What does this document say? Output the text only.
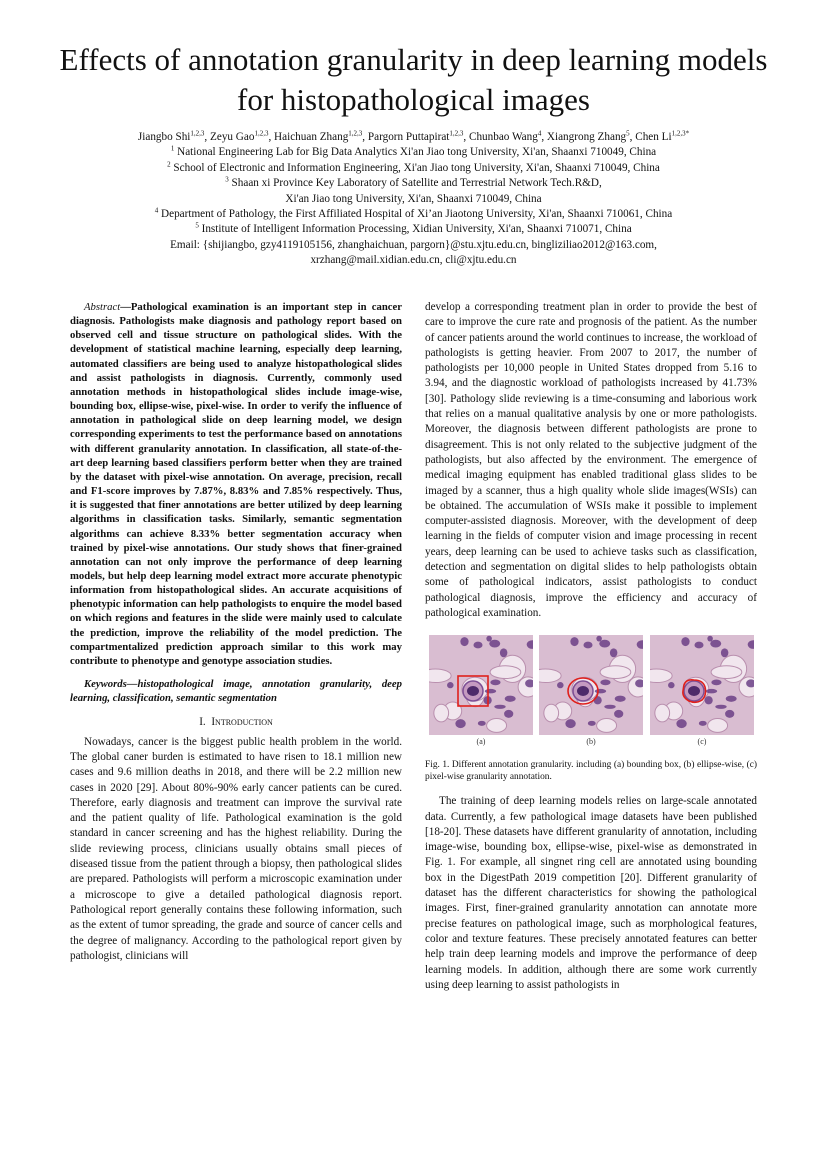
Effects of annotation granularity in deep learning models for histopathological images
Jiangbo Shi$^{1,2,3}$, Zeyu Gao$^{1,2,3}$, Haichuan Zhang$^{1,2,3}$, Pargorn Puttapirat$^{1,2,3}$, Chunbao Wang$^4$, Xiangrong Zhang$^5$, Chen $Li^{1,2,3*}$
$^1$ National Engineering Lab for Big Data Analytics Xi'an Jiao tong University, Xi'an, Shaanxi 710049, China
$^2$ School of Electronic and Information Engineering, Xi'an Jiao tong University, Xi'an, Shaanxi 710049, China
$^3$ Shaan xi Province Key Laboratory of Satellite and Terrestrial Network Tech.R&D,
Xi'an Jiao tong University, Xi'an, Shaanxi 710049, China
$^4$ Department of Pathology, the First Affiliated Hospital of Xi’an Jiaotong University, Xi'an, Shaanxi 710061, China
$^5$ Institute of Intelligent Information Processing, Xidian University, Xi'an, Shaanxi 710071, China
Email: {shijiangbo, gzy4119105156, zhanghaichuan, pargorn}@stu.xjtu.edu.cn, bingliziliao2012@163.com,
xrzhang@mail.xidian.edu.cn, cli@xjtu.edu.cn

Abstract—Pathological examination is an important step in cancer diagnosis. Pathologists make diagnosis and pathology report based on observed cell and tissue structure on pathological slides. With the development of statistical machine learning, especially deep learning, automated classifiers are being used to analyze histopathological slides and assist pathologists in diagnosis. Currently, commonly used annotation methods in histopathological slides include image-wise, bounding box, ellipse-wise, pixel-wise. In order to verify the influence of annotation in pathological slide on deep learning model, we design corresponding experiments to test the performance based on annotations with different granularity annotation. In classification, all state-of-the-art deep learning based classifiers perform better when they are trained by the dataset with pixel-wise annotation. On average, precision, recall and F1-score improves by 7.87%, 8.83% and 7.85% respectively. Thus, it is suggested that finer annotations are better utilized by deep learning algorithms in classification tasks. Similarly, semantic segmentation algorithms can achieve 8.33% better segmentation accuracy when trained by pixel-wise annotations. Our study shows that finer-grained annotation can not only improve the performance of deep learning models, but help deep learning model extract more accurate phenotypic information from histopathological slides. An accurate acquisitions of phenotypic information can help pathologists to enquire the model based on which regions and features in the slide were mainly used to calculate the prediction, improve the reliability of the model prediction. The compartmentalized prediction approach similar to this work may contribute to phenotype and genotype association studies.

Keywords—histopathological image, annotation granularity, deep learning, classification, semantic segmentation

I. Introduction

Nowadays, cancer is the biggest public health problem in the world. The global caner burden is estimated to have risen to 18.1 million new cases and 9.6 million deaths in 2018, and there will be 2.2 million new cases in 2020 [29]. About 80%-90% early cancer patients can be cured. Therefore, early diagnosis and treatment can improve the survival rate and the patient quality of life. Pathological examination is the gold standard in cancer screening and has the highest reliability. During the slide reviewing process, clinicians usually obtains small pieces of diseased tissue from the patient through a biopsy, then pathological slides are prepared. Pathologists will perform a microscopic examination under a microscope to give a detailed pathological diagnosis report. Pathological report generally contains these following information, such as the extent of tumor spreading, the grade and source of cancer cells and the degree of malignancy. According to the pathological report given by pathologist, clinicians will

develop a corresponding treatment plan in order to provide the best of care to improve the cure rate and prognosis of the patient. As the number of cancer patients around the world continues to increase, the workload of pathologists is getting heavier. From 2007 to 2017, the number of pathologists per 10,000 people in United States dropped from 5.16 to 3.94, and the diagnostic workload of pathologists increased by 41.73% [30]. Pathology slide reviewing is a time-consuming and laborious work that relies on a manual qualitative analysis by one or more pathologists. Moreover, the diagnosis between different pathologists are prone to disagreement. This is not only related to the subjective judgment of the pathologists, but also affected by the environment. The emergence of medical imaging equipment has enabled traditional glass slides to be imaged by a scanner, thus a high quality whole slide images(WSIs) can be obtained. The accumulation of WSIs make it possible to implement computer-assisted diagnosis. Moreover, with the development of deep learning in the fields of computer vision and image processing in recent years, deep learning can be used to achieve tasks such as classification, detection and segmentation on digital slides to help pathologists obtain some of pathological indicators, assist pathologists to conduct pathological diagnosis, improve the efficiency and accuracy of pathological examination.

(a)	(b)	(c)

Fig. 1. Different annotation granularity. including (a) bounding box, (b) ellipse-wise, (c) pixel-wise granularity annotation.

The training of deep learning models relies on large-scale annotated data. Currently, a few pathological image datasets have been published [18-20]. These datasets have different granularity of annotation, including image-wise, bounding box, ellipse-wise, pixel-wise as demonstrated in Fig. 1. For example, all singnet ring cell are annotated using bounding box in the DigestPath 2019 competition [20]. Different granularity of dataset has the different characteristics for showing the pathological images. First, finer-grained granularity annotation can annotate more precise features on pathological image, such as morphological features, color and texture features. These precisely annotated features can better help train deep learning models and improve the performance of deep learning models. In addition, although there are some work currently using deep learning to assist pathologists in
